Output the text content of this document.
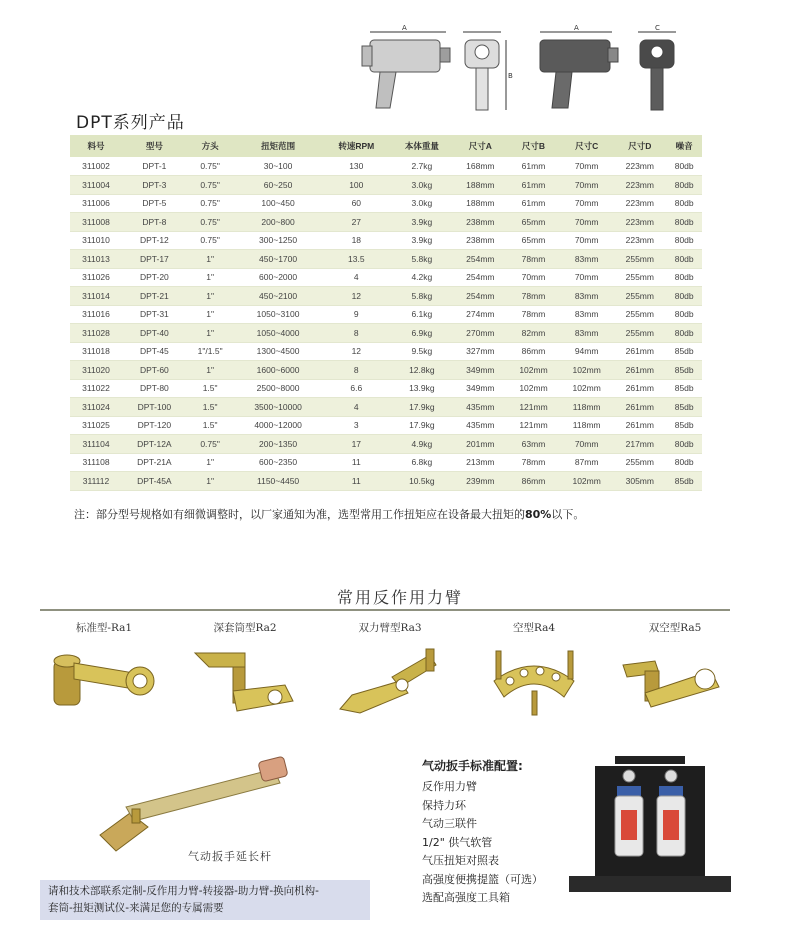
A
B
A	C
DPT系列产品
料号	型号	方头	扭矩范围	转速RPM	本体重量	尺寸A	尺寸B	尺寸C	尺寸D	噪音
311002	DPT-1	0.75"	30~100	130	2.7kg	168mm	61mm	70mm	223mm	80db
311004	DPT-3	0.75"	60~250	100	3.0kg	188mm	61mm	70mm	223mm	80db
311006	DPT-5	0.75"	100~450	60	3.0kg	188mm	61mm	70mm	223mm	80db
311008	DPT-8	0.75"	200~800	27	3.9kg	238mm	65mm	70mm	223mm	80db
311010	DPT-12	0.75"	300~1250	18	3.9kg	238mm	65mm	70mm	223mm	80db
311013	DPT-17	1"	450~1700	13.5	5.8kg	254mm	78mm	83mm	255mm	80db
311026	DPT-20	1"	600~2000	4	4.2kg	254mm	70mm	70mm	255mm	80db
311014	DPT-21	1"	450~2100	12	5.8kg	254mm	78mm	83mm	255mm	80db
311016	DPT-31	1"	1050~3100	9	6.1kg	274mm	78mm	83mm	255mm	80db
311028	DPT-40	1"	1050~4000	8	6.9kg	270mm	82mm	83mm	255mm	80db
311018	DPT-45	1"/1.5"	1300~4500	12	9.5kg	327mm	86mm	94mm	261mm	85db
311020	DPT-60	1"	1600~6000	8	12.8kg	349mm	102mm	102mm	261mm	85db
311022	DPT-80	1.5"	2500~8000	6.6	13.9kg	349mm	102mm	102mm	261mm	85db
311024	DPT-100	1.5"	3500~10000	4	17.9kg	435mm	121mm	118mm	261mm	85db
311025	DPT-120	1.5"	4000~12000	3	17.9kg	435mm	121mm	118mm	261mm	85db
311104	DPT-12A	0.75"	200~1350	17	4.9kg	201mm	63mm	70mm	217mm	80db
311108	DPT-21A	1"	600~2350	11	6.8kg	213mm	78mm	87mm	255mm	80db
311112	DPT-45A	1"	1150~4450	11	10.5kg	239mm	86mm	102mm	305mm	85db
注：部分型号规格如有细微调整时，以厂家通知为准，选型常用工作扭矩应在设备最大扭矩的80%以下。
常用反作用力臂
标准型-Ra1	深套筒型Ra2	双力臂型Ra3	空型Ra4	双空型Ra5
气动扳手延长杆
气动扳手标准配置:
反作用力臂
保持力环
气动三联件
1/2" 供气软管
气压扭矩对照表
高强度便携提篮（可选）
选配高强度工具箱
请和技术部联系定制-反作用力臂-转接器-助力臂-换向机构-
套筒-扭矩测试仪-来满足您的专属需要
